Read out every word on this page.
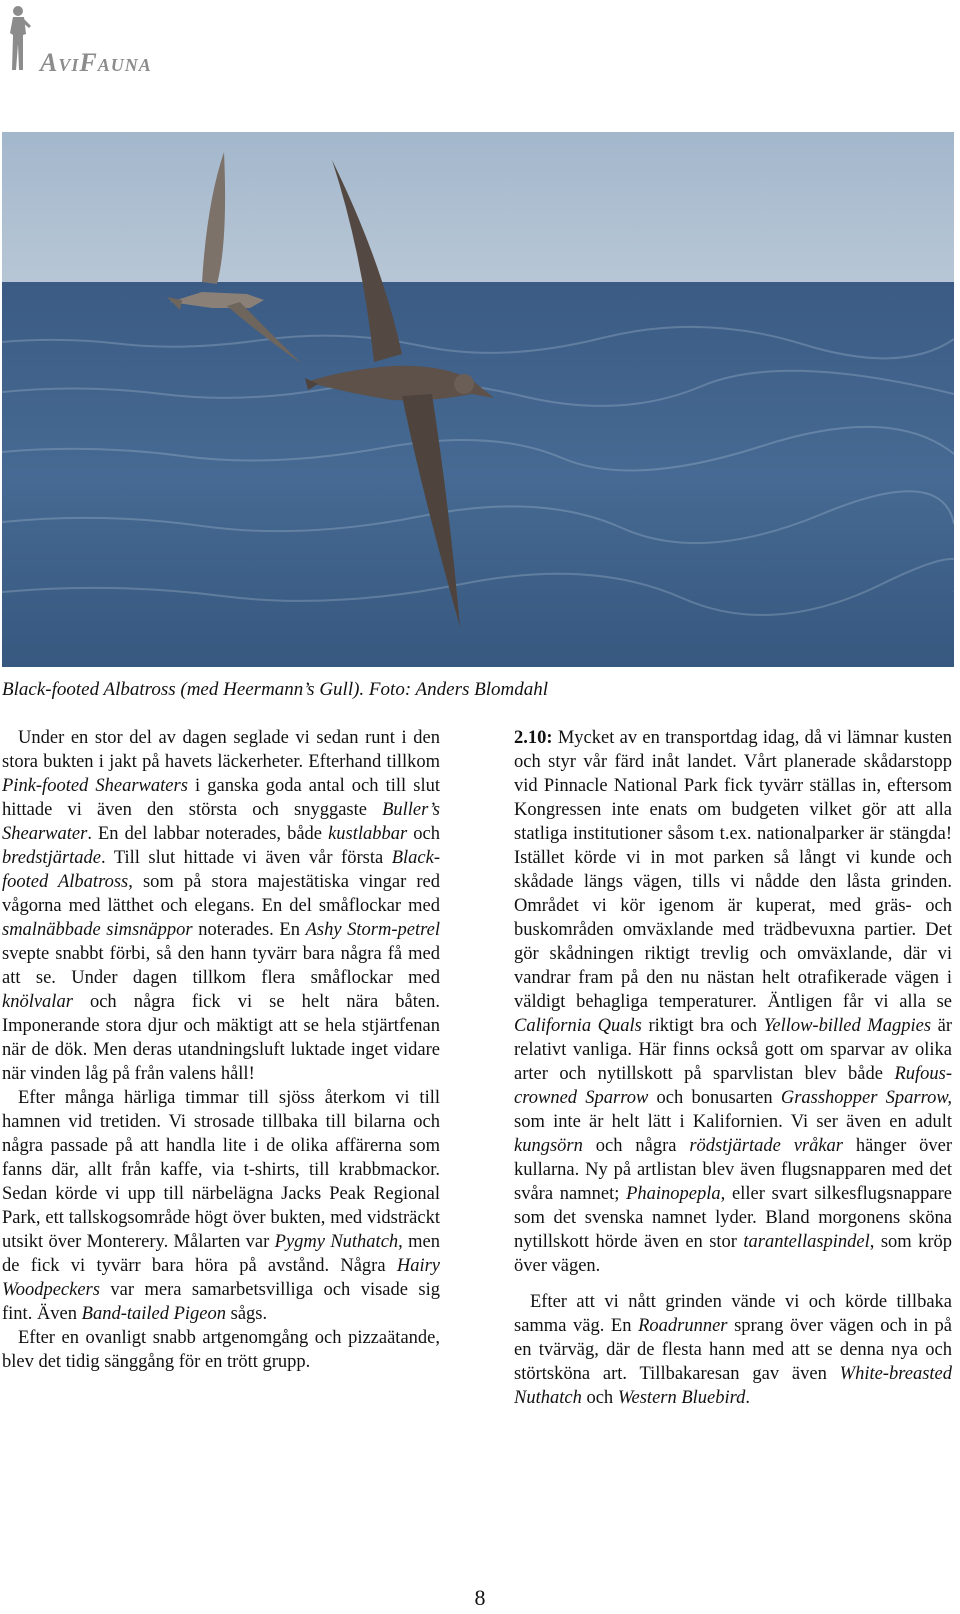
AviFauna
Black-footed Albatross (med Heermann’s Gull). Foto: Anders Blomdahl

Under en stor del av dagen seglade vi sedan runt i den stora bukten i jakt på havets läckerheter. Efterhand tillkom Pink-footed Shearwaters i ganska goda antal och till slut hittade vi även den största och snyggaste Buller’s Shearwater. En del labbar noterades, både kustlabbar och bredstjärtade. Till slut hittade vi även vår första Black-footed Albatross, som på stora majestätiska vingar red vågorna med lätthet och elegans. En del småflockar med smalnäbbade simsnäppor noterades. En Ashy Storm-petrel svepte snabbt förbi, så den hann tyvärr bara några få med att se. Under dagen tillkom flera småflockar med knölvalar och några fick vi se helt nära båten. Imponerande stora djur och mäktigt att se hela stjärtfenan när de dök. Men deras utandningsluft luktade inget vidare när vinden låg på från valens håll!

Efter många härliga timmar till sjöss återkom vi till hamnen vid tretiden. Vi strosade tillbaka till bilarna och några passade på att handla lite i de olika affärerna som fanns där, allt från kaffe, via t-shirts, till krabbmackor. Sedan körde vi upp till närbelägna Jacks Peak Regional Park, ett tallskogsområde högt över bukten, med vidsträckt utsikt över Monterery. Målarten var Pygmy Nuthatch, men de fick vi tyvärr bara höra på avstånd. Några Hairy Woodpeckers var mera samarbetsvilliga och visade sig fint. Även Band-tailed Pigeon sågs.

Efter en ovanligt snabb artgenomgång och pizzaätande, blev det tidig sänggång för en trött grupp.

2.10: Mycket av en transportdag idag, då vi lämnar kusten och styr vår färd inåt landet. Vårt planerade skådarstopp vid Pinnacle National Park fick tyvärr ställas in, eftersom Kongressen inte enats om budgeten vilket gör att alla statliga institutioner såsom t.ex. nationalparker är stängda! Istället körde vi in mot parken så långt vi kunde och skådade längs vägen, tills vi nådde den låsta grinden. Området vi kör igenom är kuperat, med gräs- och buskområden omväxlande med trädbevuxna partier. Det gör skådningen riktigt trevlig och omväxlande, där vi vandrar fram på den nu nästan helt otrafikerade vägen i väldigt behagliga temperaturer. Äntligen får vi alla se California Quals riktigt bra och Yellow-billed Magpies är relativt vanliga. Här finns också gott om sparvar av olika arter och nytillskott på sparvlistan blev både Rufous-crowned Sparrow och bonusarten Grasshopper Sparrow, som inte är helt lätt i Kalifornien. Vi ser även en adult kungsörn och några rödstjärtade vråkar hänger över kullarna. Ny på artlistan blev även flugsnapparen med det svåra namnet; Phainopepla, eller svart silkesflugsnappare som det svenska namnet lyder. Bland morgonens sköna nytillskott hörde även en stor tarantellaspindel, som kröp över vägen.

Efter att vi nått grinden vände vi och körde tillbaka samma väg. En Roadrunner sprang över vägen och in på en tvärväg, där de flesta hann med att se denna nya och störtsköna art. Tillbakaresan gav även White-breasted Nuthatch och Western Bluebird.

8
